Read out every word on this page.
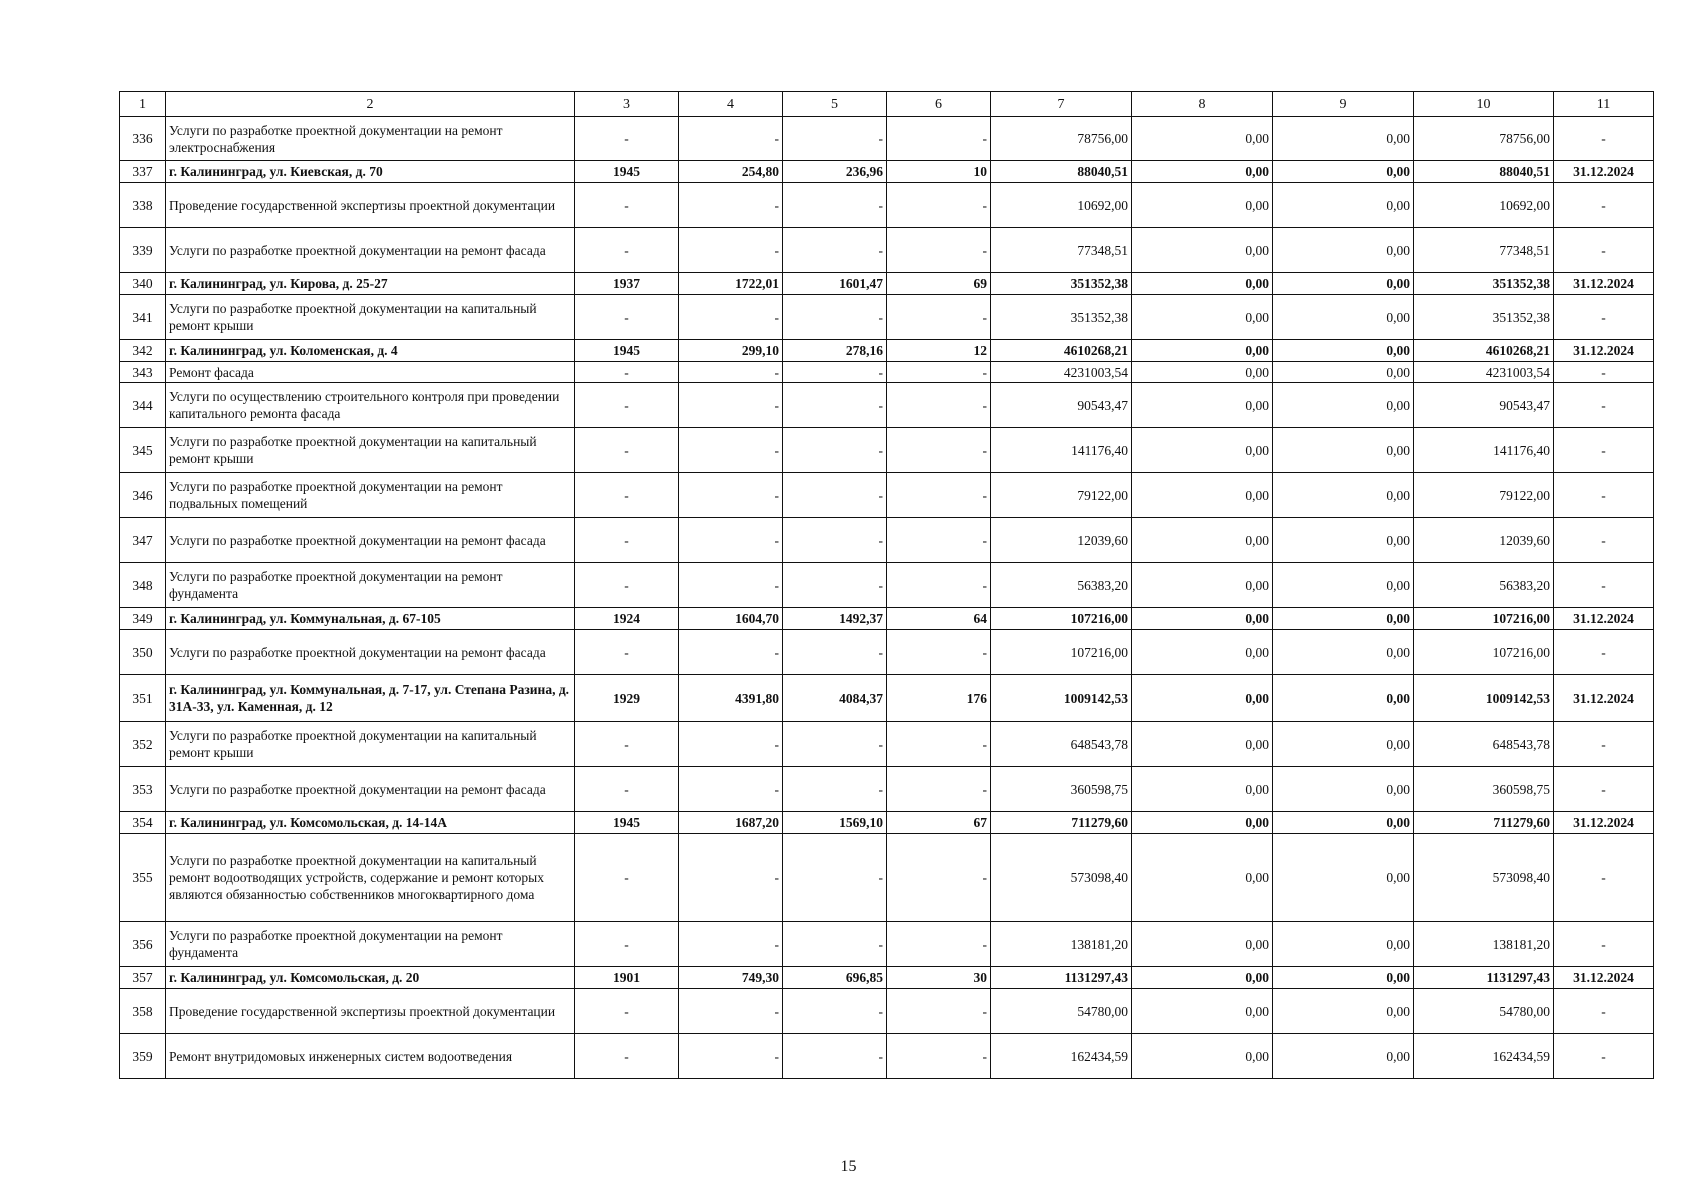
1	2	3	4	5	6	7	8	9	10	11
336	Услуги по разработке проектной документации на ремонт электроснабжения	-	-	-	-	78756,00	0,00	0,00	78756,00	-
337	г. Калининград, ул. Киевская, д. 70	1945	254,80	236,96	10	88040,51	0,00	0,00	88040,51	31.12.2024
338	Проведение государственной экспертизы проектной документации	-	-	-	-	10692,00	0,00	0,00	10692,00	-
339	Услуги по разработке проектной документации на ремонт фасада	-	-	-	-	77348,51	0,00	0,00	77348,51	-
340	г. Калининград, ул. Кирова, д. 25-27	1937	1722,01	1601,47	69	351352,38	0,00	0,00	351352,38	31.12.2024
341	Услуги по разработке проектной документации на капитальный ремонт крыши	-	-	-	-	351352,38	0,00	0,00	351352,38	-
342	г. Калининград, ул. Коломенская, д. 4	1945	299,10	278,16	12	4610268,21	0,00	0,00	4610268,21	31.12.2024
343	Ремонт фасада	-	-	-	-	4231003,54	0,00	0,00	4231003,54	-
344	Услуги по осуществлению строительного контроля при проведении капитального ремонта фасада	-	-	-	-	90543,47	0,00	0,00	90543,47	-
345	Услуги по разработке проектной документации на капитальный ремонт крыши	-	-	-	-	141176,40	0,00	0,00	141176,40	-
346	Услуги по разработке проектной документации на ремонт подвальных помещений	-	-	-	-	79122,00	0,00	0,00	79122,00	-
347	Услуги по разработке проектной документации на ремонт фасада	-	-	-	-	12039,60	0,00	0,00	12039,60	-
348	Услуги по разработке проектной документации на ремонт фундамента	-	-	-	-	56383,20	0,00	0,00	56383,20	-
349	г. Калининград, ул. Коммунальная, д. 67-105	1924	1604,70	1492,37	64	107216,00	0,00	0,00	107216,00	31.12.2024
350	Услуги по разработке проектной документации на ремонт фасада	-	-	-	-	107216,00	0,00	0,00	107216,00	-
351	г. Калининград, ул. Коммунальная, д. 7-17, ул. Степана Разина, д. 31А-33, ул. Каменная, д. 12	1929	4391,80	4084,37	176	1009142,53	0,00	0,00	1009142,53	31.12.2024
352	Услуги по разработке проектной документации на капитальный ремонт крыши	-	-	-	-	648543,78	0,00	0,00	648543,78	-
353	Услуги по разработке проектной документации на ремонт фасада	-	-	-	-	360598,75	0,00	0,00	360598,75	-
354	г. Калининград, ул. Комсомольская, д. 14-14А	1945	1687,20	1569,10	67	711279,60	0,00	0,00	711279,60	31.12.2024
355	Услуги по разработке проектной документации на капитальный ремонт водоотводящих устройств, содержание и ремонт которых являются обязанностью собственников многоквартирного дома	-	-	-	-	573098,40	0,00	0,00	573098,40	-
356	Услуги по разработке проектной документации на ремонт фундамента	-	-	-	-	138181,20	0,00	0,00	138181,20	-
357	г. Калининград, ул. Комсомольская, д. 20	1901	749,30	696,85	30	1131297,43	0,00	0,00	1131297,43	31.12.2024
358	Проведение государственной экспертизы проектной документации	-	-	-	-	54780,00	0,00	0,00	54780,00	-
359	Ремонт внутридомовых инженерных систем водоотведения	-	-	-	-	162434,59	0,00	0,00	162434,59	-
15
